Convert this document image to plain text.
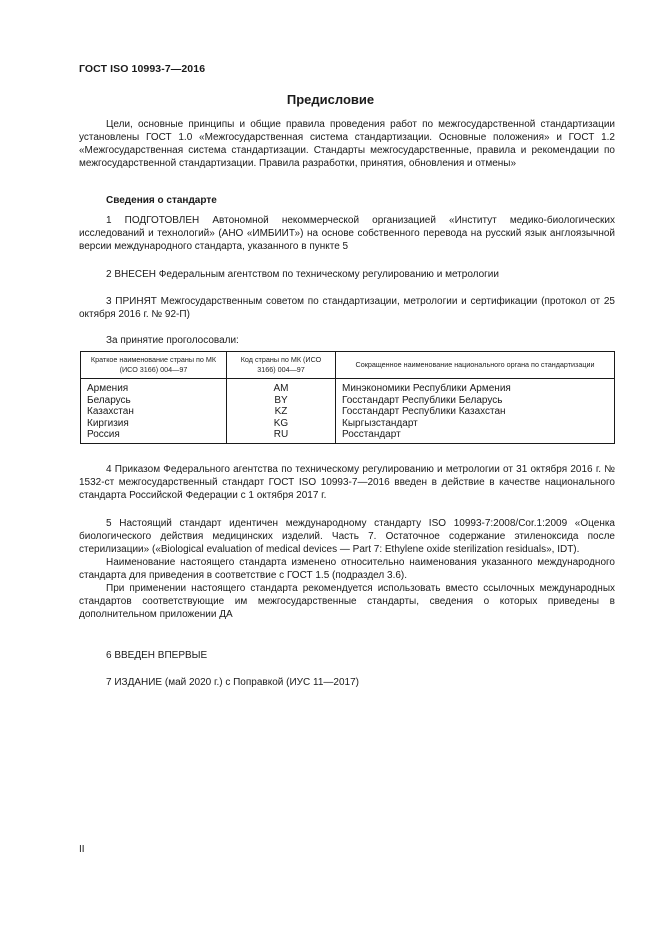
ГОСТ ISO 10993-7—2016
Предисловие

Цели, основные принципы и общие правила проведения работ по межгосударственной стандартизации установлены ГОСТ 1.0 «Межгосударственная система стандартизации. Основные положения» и ГОСТ 1.2 «Межгосударственная система стандартизации. Стандарты межгосударственные, правила и рекомендации по межгосударственной стандартизации. Правила разработки, принятия, обновления и отмены»

Сведения о стандарте

1 ПОДГОТОВЛЕН Автономной некоммерческой организацией «Институт медико-биологических исследований и технологий» (АНО «ИМБИИТ») на основе собственного перевода на русский язык англоязычной версии международного стандарта, указанного в пункте 5

2 ВНЕСЕН Федеральным агентством по техническому регулированию и метрологии

3 ПРИНЯТ Межгосударственным советом по стандартизации, метрологии и сертификации (протокол от 25 октября 2016 г. № 92-П)

За принятие проголосовали:
Краткое наименование страны по МК (ИСО 3166) 004—97	Код страны по МК (ИСО 3166) 004—97	Сокращенное наименование национального органа по стандартизации
Армения	AM	Минэкономики Республики Армения
Беларусь	BY	Госстандарт Республики Беларусь
Казахстан	KZ	Госстандарт Республики Казахстан
Киргизия	KG	Кыргызстандарт
Россия	RU	Росстандарт

4 Приказом Федерального агентства по техническому регулированию и метрологии от 31 октября 2016 г. № 1532-ст межгосударственный стандарт ГОСТ ISO 10993-7—2016 введен в действие в качестве национального стандарта Российской Федерации с 1 октября 2017 г.

5 Настоящий стандарт идентичен международному стандарту ISO 10993-7:2008/Cor.1:2009 «Оценка биологического действия медицинских изделий. Часть 7. Остаточное содержание этиленоксида после стерилизации» («Biological evaluation of medical devices — Part 7: Ethylene oxide sterilization residuals», IDT).

Наименование настоящего стандарта изменено относительно наименования указанного международного стандарта для приведения в соответствие с ГОСТ 1.5 (подраздел 3.6).

При применении настоящего стандарта рекомендуется использовать вместо ссылочных международных стандартов соответствующие им межгосударственные стандарты, сведения о которых приведены в дополнительном приложении ДА

6 ВВЕДЕН ВПЕРВЫЕ

7 ИЗДАНИЕ (май 2020 г.) с Поправкой (ИУС 11—2017)

II
